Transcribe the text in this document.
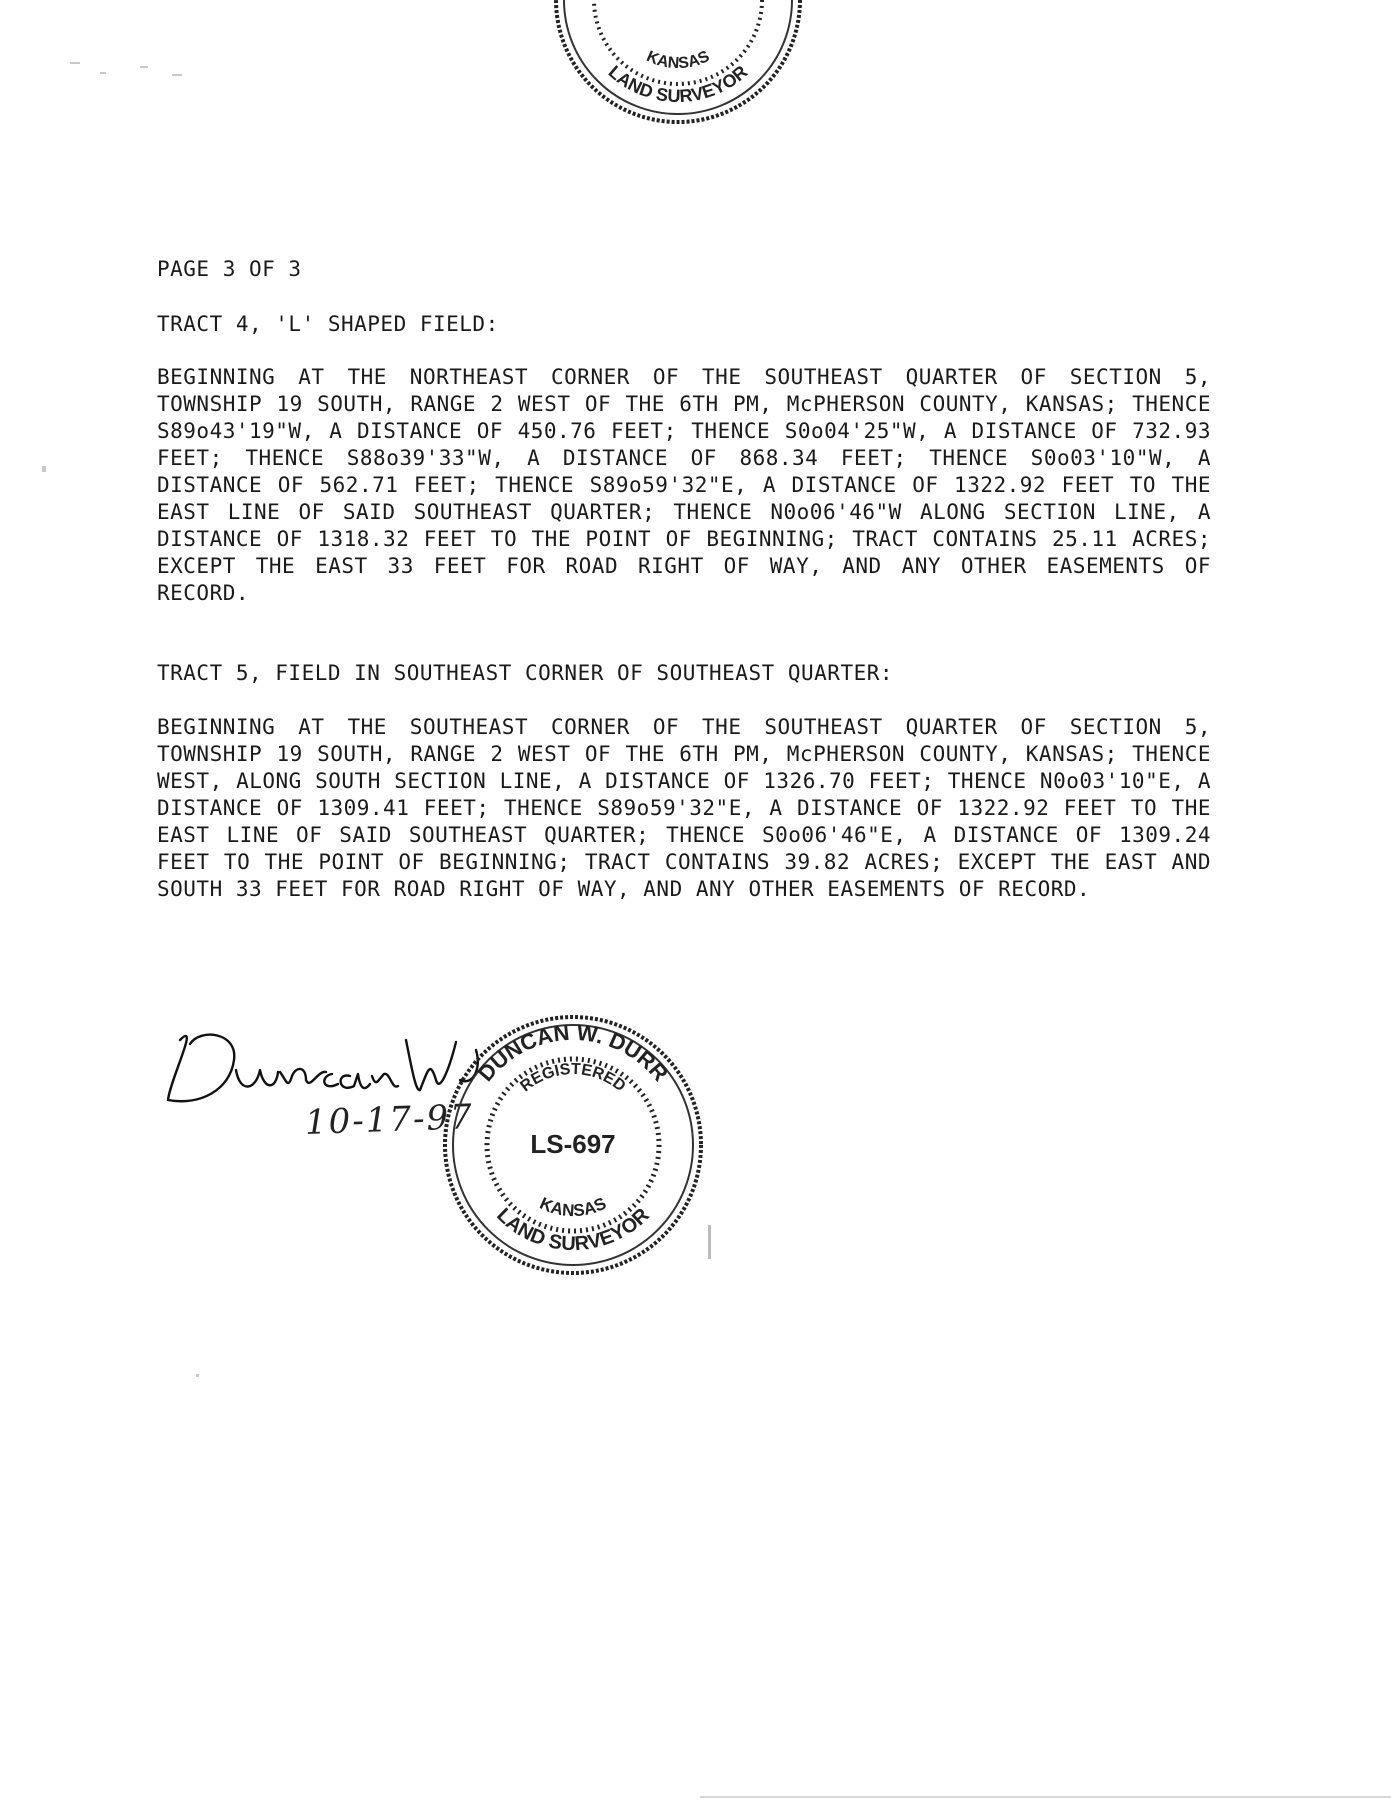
LAND SURVEYOR
KANSAS
PAGE 3 OF 3
TRACT 4, 'L' SHAPED FIELD:
BEGINNING AT THE NORTHEAST CORNER OF THE SOUTHEAST QUARTER OF SECTION 5, TOWNSHIP 19 SOUTH, RANGE 2 WEST OF THE 6TH PM, McPHERSON COUNTY, KANSAS; THENCE S89o43'19"W, A DISTANCE OF 450.76 FEET; THENCE S0o04'25"W, A DISTANCE OF 732.93 FEET; THENCE S88o39'33"W, A DISTANCE OF 868.34 FEET; THENCE S0o03'10"W, A DISTANCE OF 562.71 FEET; THENCE S89o59'32"E, A DISTANCE OF 1322.92 FEET TO THE EAST LINE OF SAID SOUTHEAST QUARTER; THENCE N0o06'46"W ALONG SECTION LINE, A DISTANCE OF 1318.32 FEET TO THE POINT OF BEGINNING; TRACT CONTAINS 25.11 ACRES; EXCEPT THE EAST 33 FEET FOR ROAD RIGHT OF WAY, AND ANY OTHER EASEMENTS OF RECORD.
TRACT 5, FIELD IN SOUTHEAST CORNER OF SOUTHEAST QUARTER:
BEGINNING AT THE SOUTHEAST CORNER OF THE SOUTHEAST QUARTER OF SECTION 5, TOWNSHIP 19 SOUTH, RANGE 2 WEST OF THE 6TH PM, McPHERSON COUNTY, KANSAS; THENCE WEST, ALONG SOUTH SECTION LINE, A DISTANCE OF 1326.70 FEET; THENCE N0o03'10"E, A DISTANCE OF 1309.41 FEET; THENCE S89o59'32"E, A DISTANCE OF 1322.92 FEET TO THE EAST LINE OF SAID SOUTHEAST QUARTER; THENCE S0o06'46"E, A DISTANCE OF 1309.24 FEET TO THE POINT OF BEGINNING; TRACT CONTAINS 39.82 ACRES; EXCEPT THE EAST AND SOUTH 33 FEET FOR ROAD RIGHT OF WAY, AND ANY OTHER EASEMENTS OF RECORD.
10-17-97
DUNCAN W. DURR
REGISTERED
LAND SURVEYOR
KANSAS
LS-697
